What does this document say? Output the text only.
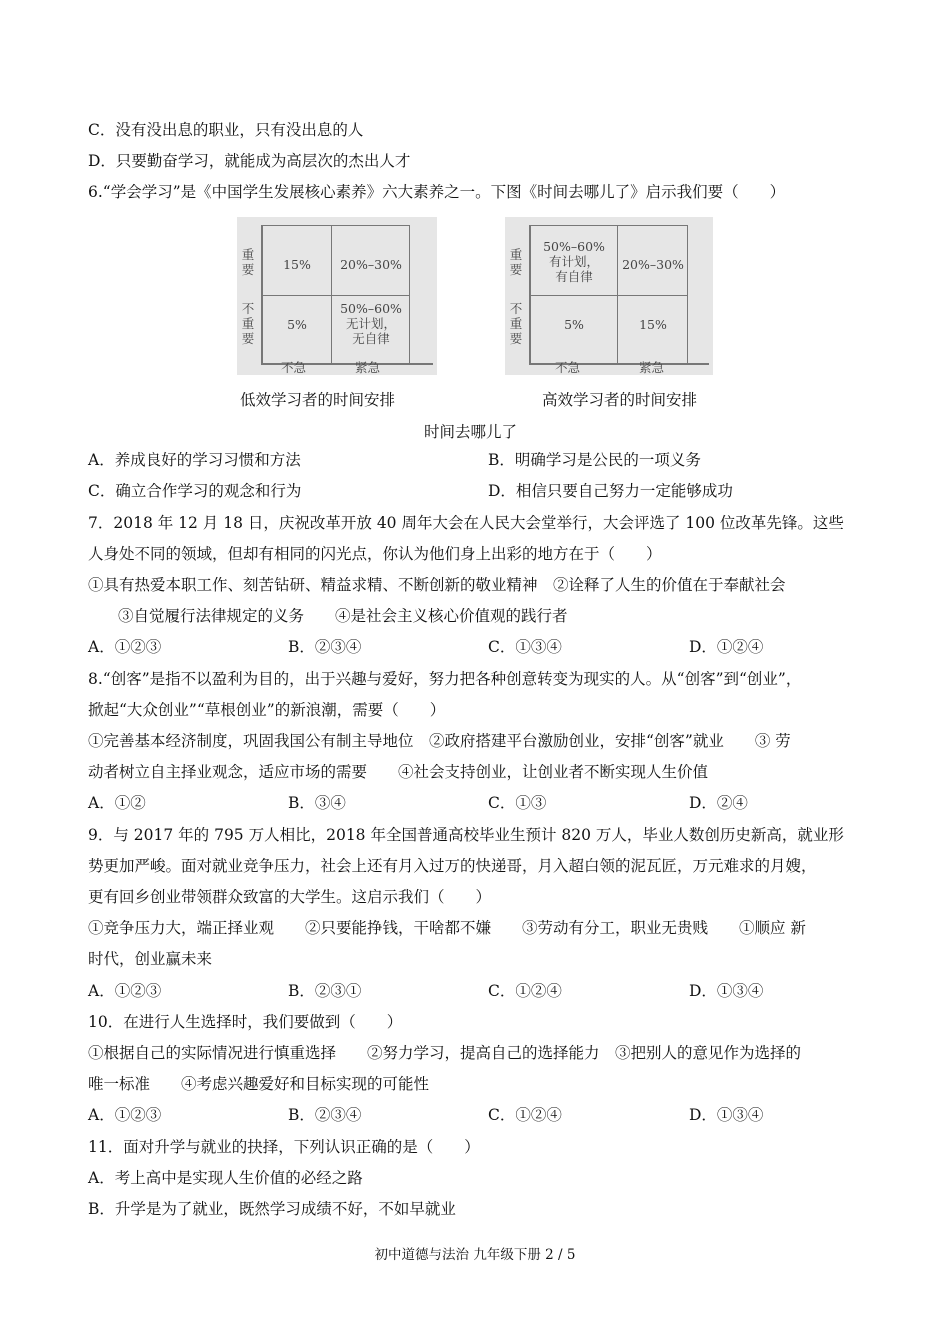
C．没有没出息的职业，只有没出息的人
D．只要勤奋学习，就能成为高层次的杰出人才
6.“学会学习”是《中国学生发展核心素养》六大素养之一。下图《时间去哪儿了》启示我们要（　　）
重要
不重要
15%	20%–30%
5%
50%–60%
无计划，
无自律
不急	紧急
重要
不重要
50%–60%
有计划，
有自律
20%–30%
5%	15%
不急	紧急
低效学习者的时间安排	高效学习者的时间安排
时间去哪儿了
A．养成良好的学习习惯和方法	B．明确学习是公民的一项义务
C．确立合作学习的观念和行为	D．相信只要自己努力一定能够成功
7．2018 年 12 月 18 日，庆祝改革开放 40 周年大会在人民大会堂举行，大会评选了 100 位改革先锋。这些
人身处不同的领域，但却有相同的闪光点，你认为他们身上出彩的地方在于（　　）
①具有热爱本职工作、刻苦钻研、精益求精、不断创新的敬业精神　②诠释了人生的价值在于奉献社会
③自觉履行法律规定的义务　　④是社会主义核心价值观的践行者
A．①②③	B．②③④	C．①③④	D．①②④
8.“创客”是指不以盈利为目的，出于兴趣与爱好，努力把各种创意转变为现实的人。从“创客”到“创业”，
掀起“大众创业”“草根创业”的新浪潮，需要（　　）
①完善基本经济制度，巩固我国公有制主导地位　②政府搭建平台激励创业，安排“创客”就业　　③ 劳
动者树立自主择业观念，适应市场的需要　　④社会支持创业，让创业者不断实现人生价值
A．①②	B．③④	C．①③	D．②④
9．与 2017 年的 795 万人相比，2018 年全国普通高校毕业生预计 820 万人，毕业人数创历史新高，就业形
势更加严峻。面对就业竞争压力，社会上还有月入过万的快递哥，月入超白领的泥瓦匠，万元难求的月嫂，
更有回乡创业带领群众致富的大学生。这启示我们（　　）
①竞争压力大，端正择业观　　②只要能挣钱，干啥都不嫌　　③劳动有分工，职业无贵贱　　①顺应 新
时代，创业赢未来
A．①②③	B．②③①	C．①②④	D．①③④
10．在进行人生选择时，我们要做到（　　）
①根据自己的实际情况进行慎重选择　　②努力学习，提高自己的选择能力　③把别人的意见作为选择的
唯一标准　　④考虑兴趣爱好和目标实现的可能性
A．①②③	B．②③④	C．①②④	D．①③④
11．面对升学与就业的抉择，下列认识正确的是（　　）
A．考上高中是实现人生价值的必经之路
B．升学是为了就业，既然学习成绩不好，不如早就业
初中道德与法治 九年级下册 2 / 5
